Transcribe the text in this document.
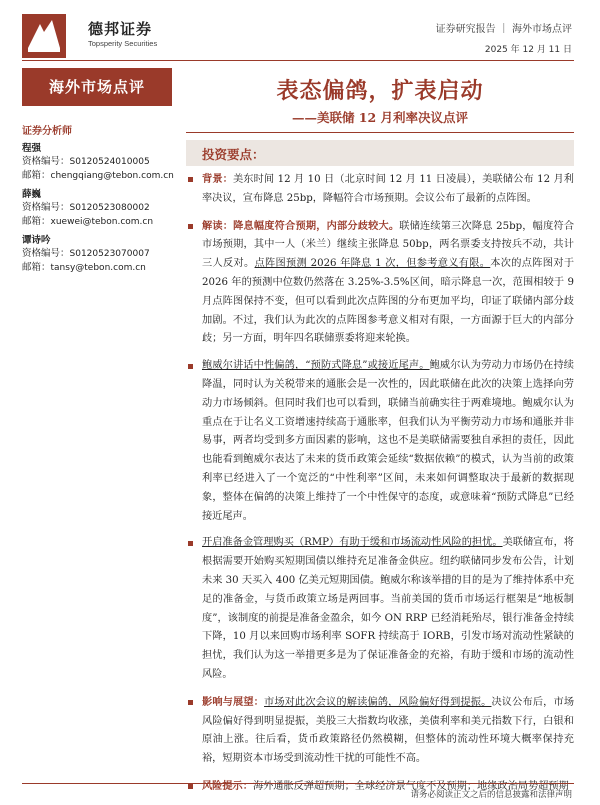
德邦证券
Topsperity Securities
证券研究报告 ｜ 海外市场点评
2025 年 12 月 11 日
海外市场点评
证券分析师
程强
资格编号：S0120524010005
邮箱：chengqiang@tebon.com.cn
薛巍
资格编号：S0120523080002
邮箱：xuewei@tebon.com.cn
谭诗吟
资格编号：S0120523070007
邮箱：tansy@tebon.com.cn
表态偏鸽，扩表启动
——美联储 12 月利率决议点评
投资要点：
背景：美东时间 12 月 10 日（北京时间 12 月 11 日凌晨），美联储公布 12 月利率决议，宣布降息 25bp，降幅符合市场预期。会议公布了最新的点阵图。
解读：降息幅度符合预期，内部分歧较大。联储连续第三次降息 25bp，幅度符合市场预期，其中一人（米兰）继续主张降息 50bp，两名票委支持按兵不动，共计三人反对。点阵图预测 2026 年降息 1 次，但参考意义有限。本次的点阵图对于 2026 年的预测中位数仍然落在 3.25%-3.5%区间，暗示降息一次，范围相较于 9 月点阵图保持不变，但可以看到此次点阵图的分布更加平均，印证了联储内部分歧加剧。不过，我们认为此次的点阵图参考意义相对有限，一方面源于巨大的内部分歧；另一方面，明年四名联储票委将迎来轮换。
鲍威尔讲话中性偏鸽，“预防式降息”或接近尾声。鲍威尔认为劳动力市场仍在持续降温，同时认为关税带来的通胀会是一次性的，因此联储在此次的决策上选择向劳动力市场倾斜。但同时我们也可以看到，联储当前确实往于两难境地。鲍威尔认为重点在于让名义工资增速持续高于通胀率，但我们认为平衡劳动力市场和通胀并非易事，两者均受到多方面因素的影响，这也不是美联储需要独自承担的责任，因此也能看到鲍威尔表达了未来的货币政策会延续“数据依赖”的模式，认为当前的政策利率已经进入了一个宽泛的“中性利率”区间，未来如何调整取决于最新的数据现象，整体在偏鸽的决策上维持了一个中性保守的态度，或意味着“预防式降息”已经接近尾声。
开启准备金管理购买（RMP）有助于缓和市场流动性风险的担忧。美联储宣布，将根据需要开始购买短期国债以维持充足准备金供应。纽约联储同步发布公告，计划未来 30 天买入 400 亿美元短期国债。鲍威尔称该举措的目的是为了维持体系中充足的准备金，与货币政策立场是两回事。当前美国的货币市场运行框架是“地板制度”，该制度的前提是准备金盈余，如今 ON RRP 已经消耗殆尽，银行准备金持续下降，10 月以来回购市场利率 SOFR 持续高于 IORB，引发市场对流动性紧缺的担忧，我们认为这一举措更多是为了保证准备金的充裕，有助于缓和市场的流动性风险。
影响与展望：市场对此次会议的解读偏鸽，风险偏好得到提振。决议公布后，市场风险偏好得到明显提振，美股三大指数均收涨，美债利率和美元指数下行，白银和原油上涨。往后看，货币政策路径仍然模糊，但整体的流动性环境大概率保持充裕，短期资本市场受到流动性干扰的可能性不高。
风险提示：海外通胀反弹超预期；全球经济景气度不及预期；地缘政治局势超预期
请务必阅读正文之后的信息披露和法律声明
